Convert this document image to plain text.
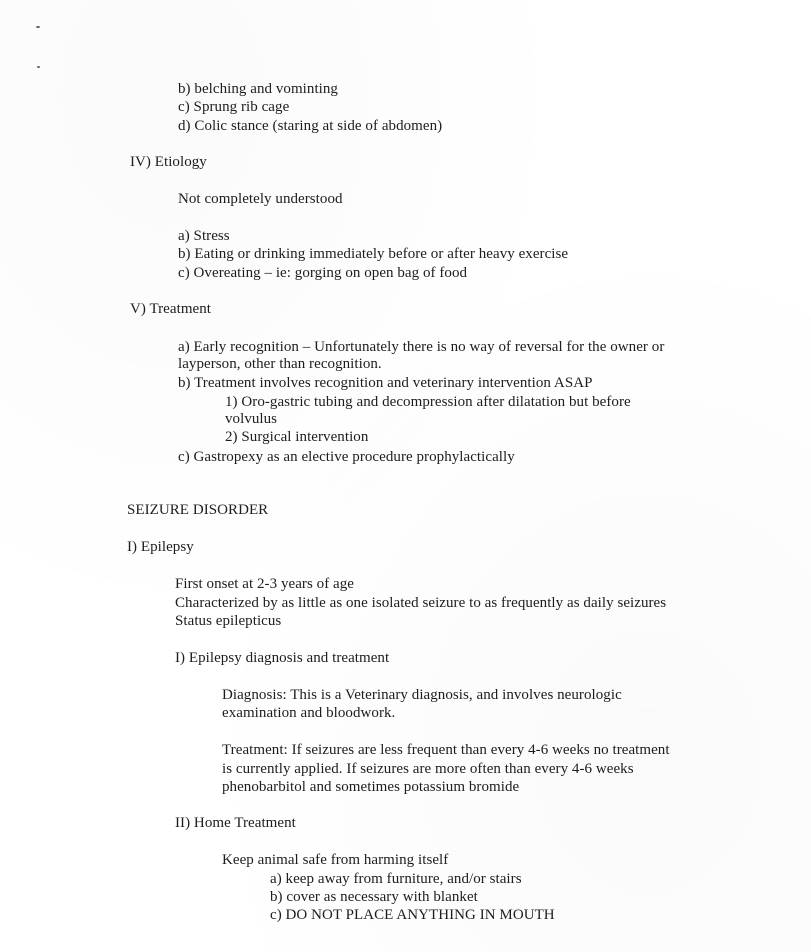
b) belching and vominting
c) Sprung rib cage
d) Colic stance (staring at side of abdomen)
IV) Etiology
Not completely understood
a) Stress
b) Eating or drinking immediately before or after heavy exercise
c) Overeating – ie: gorging on open bag of food
V) Treatment
a) Early recognition – Unfortunately there is no way of reversal for the owner or
layperson, other than recognition.
b) Treatment involves recognition and veterinary intervention ASAP
1) Oro-gastric tubing and decompression after dilatation but before
volvulus
2) Surgical intervention
c) Gastropexy as an elective procedure prophylactically
SEIZURE DISORDER
I) Epilepsy
First onset at 2-3 years of age
Characterized by as little as one isolated seizure to as frequently as daily seizures
Status epilepticus
I) Epilepsy diagnosis and treatment
Diagnosis: This is a Veterinary diagnosis, and involves neurologic
examination and bloodwork.
Treatment: If seizures are less frequent than every 4-6 weeks no treatment
is currently applied. If seizures are more often than every 4-6 weeks
phenobarbitol and sometimes potassium bromide
II) Home Treatment
Keep animal safe from harming itself
a) keep away from furniture, and/or stairs
b) cover as necessary with blanket
c) DO NOT PLACE ANYTHING IN MOUTH
